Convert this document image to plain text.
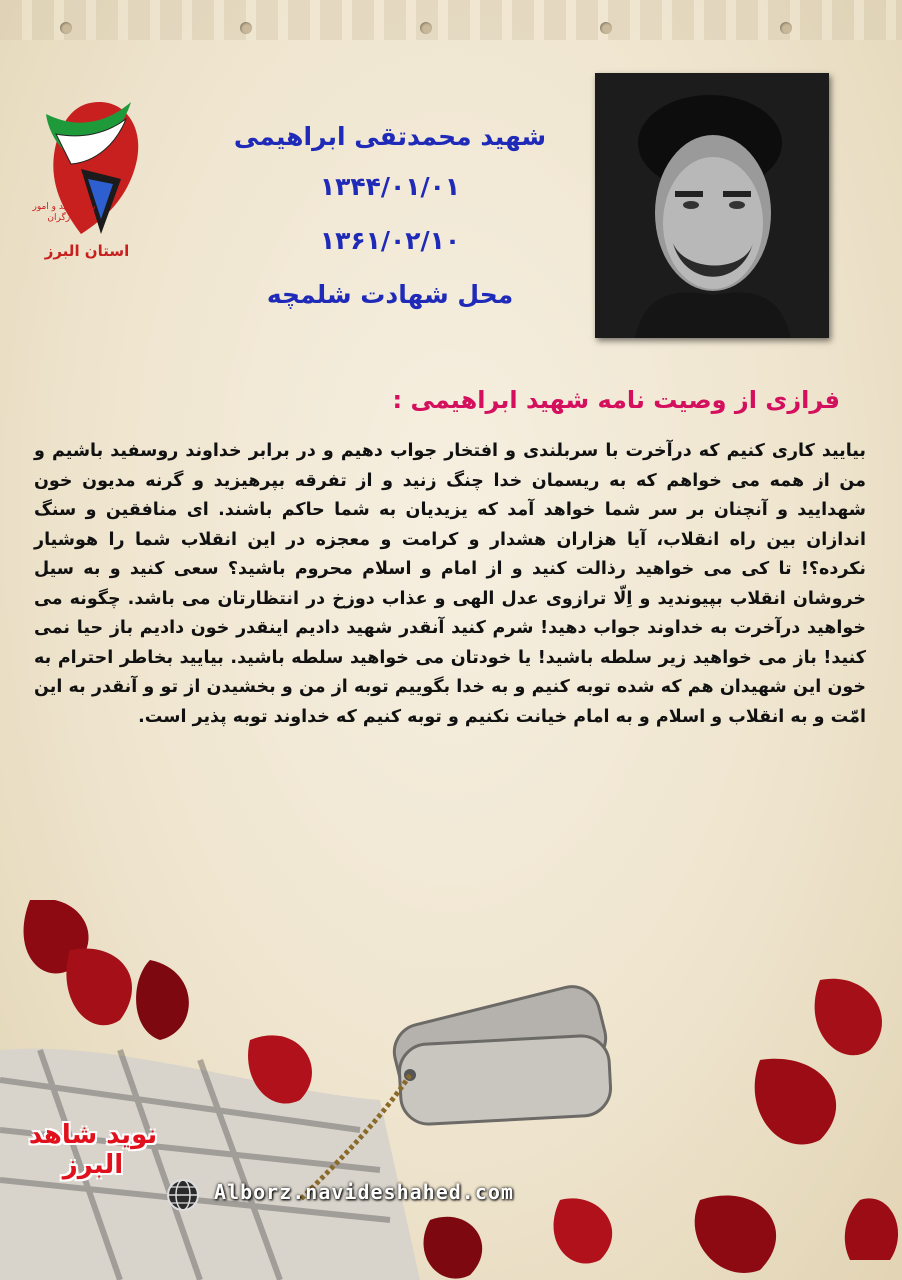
بنیاد شهید و امور ایثارگران
استان البرز
شهید محمدتقی ابراهیمی
۱۳۴۴/۰۱/۰۱
۱۳۶۱/۰۲/۱۰
محل شهادت شلمچه
فرازی از وصیت نامه شهید ابراهیمی :
بیایید کاری کنیم که درآخرت با سربلندی و افتخار جواب دهیم و در برابر خداوند روسفید باشیم و من از همه می خواهم که به ریسمان خدا چنگ زنید و از تفرقه بپرهیزید و گرنه مدیون خون شهدایید و آنچنان بر سر شما خواهد آمد که یزیدیان به شما حاکم باشند. ای منافقین و سنگ اندازان بین راه انقلاب، آیا هزاران هشدار و کرامت و معجزه در این انقلاب شما را هوشیار نکرده؟! تا کی می خواهید رذالت کنید و از امام و اسلام محروم باشید؟ سعی کنید و به سیل خروشان انقلاب بپیوندید و اِلّا ترازوی عدل الهی و عذاب دوزخ در انتظارتان می باشد. چگونه می خواهید درآخرت به خداوند جواب دهید! شرم کنید آنقدر شهید دادیم اینقدر خون دادیم باز حیا نمی کنید! باز می خواهید زیر سلطه باشید! یا خودتان می خواهید سلطه باشید. بیایید بخاطر احترام به خون این شهیدان هم که شده توبه کنیم و به خدا بگوییم توبه از من و بخشیدن از تو و آنقدر به این امّت و به انقلاب و اسلام و به امام خیانت نکنیم و توبه کنیم که خداوند توبه پذیر است.
نوید شاهد البرز
Alborz.navideshahed.com
